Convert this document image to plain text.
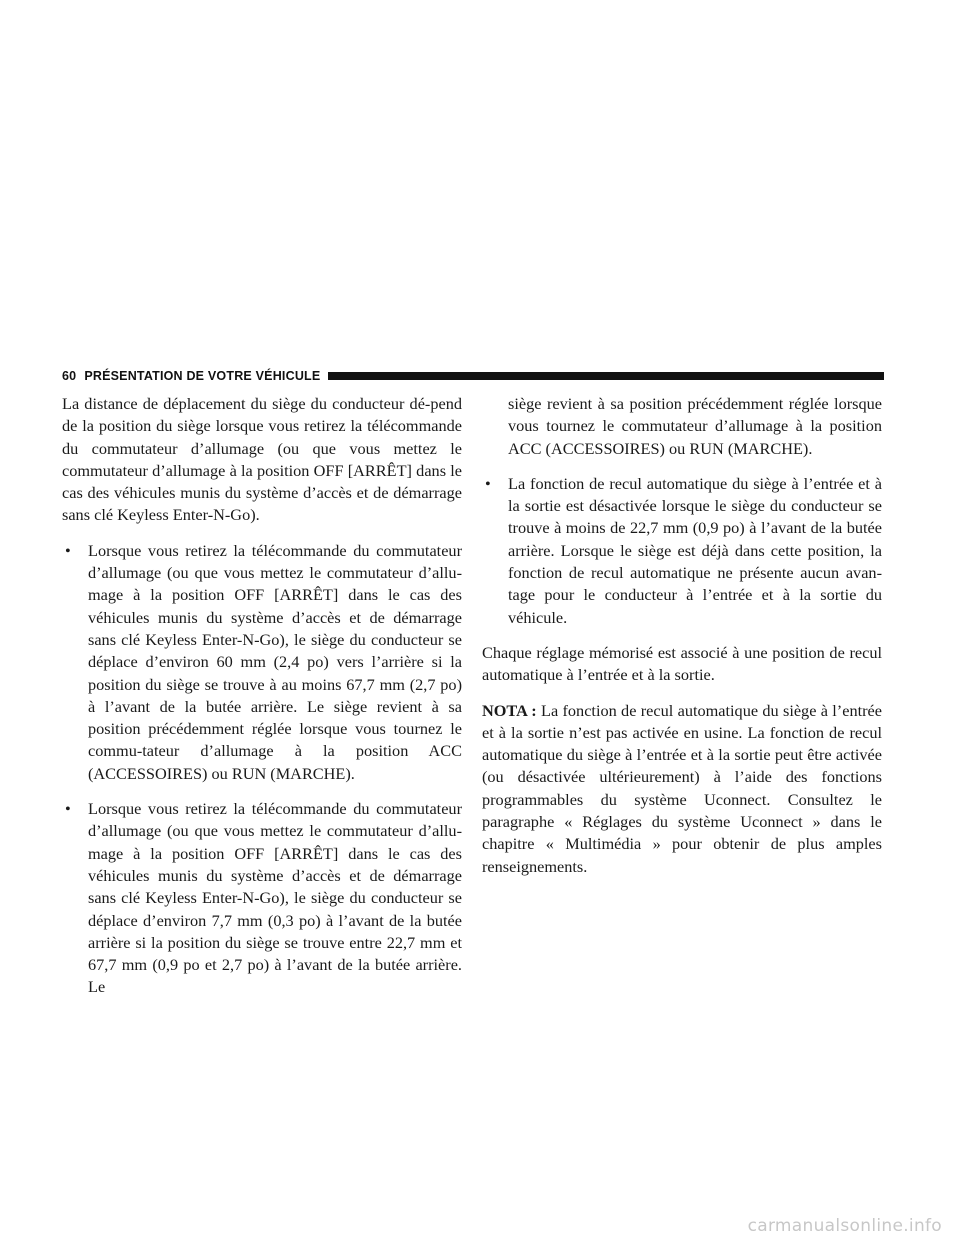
60 PRÉSENTATION DE VOTRE VÉHICULE

La distance de déplacement du siège du conducteur dé-pend de la position du siège lorsque vous retirez la télécommande du commutateur d’allumage (ou que vous mettez le commutateur d’allumage à la position OFF [ARRÊT] dans le cas des véhicules munis du système d’accès et de démarrage sans clé Keyless Enter-N-Go).

• Lorsque vous retirez la télécommande du commutateur d’allumage (ou que vous mettez le commutateur d’allu-mage à la position OFF [ARRÊT] dans le cas des véhicules munis du système d’accès et de démarrage sans clé Keyless Enter-N-Go), le siège du conducteur se déplace d’environ 60 mm (2,4 po) vers l’arrière si la position du siège se trouve à au moins 67,7 mm (2,7 po) à l’avant de la butée arrière. Le siège revient à sa position précédemment réglée lorsque vous tournez le commu-tateur d’allumage à la position ACC (ACCESSOIRES) ou RUN (MARCHE).
• Lorsque vous retirez la télécommande du commutateur d’allumage (ou que vous mettez le commutateur d’allu-mage à la position OFF [ARRÊT] dans le cas des véhicules munis du système d’accès et de démarrage sans clé Keyless Enter-N-Go), le siège du conducteur se déplace d’environ 7,7 mm (0,3 po) à l’avant de la butée arrière si la position du siège se trouve entre 22,7 mm et 67,7 mm (0,9 po et 2,7 po) à l’avant de la butée arrière. Le
siège revient à sa position précédemment réglée lorsque vous tournez le commutateur d’allumage à la position ACC (ACCESSOIRES) ou RUN (MARCHE).
• La fonction de recul automatique du siège à l’entrée et à la sortie est désactivée lorsque le siège du conducteur se trouve à moins de 22,7 mm (0,9 po) à l’avant de la butée arrière. Lorsque le siège est déjà dans cette position, la fonction de recul automatique ne présente aucun avan-tage pour le conducteur à l’entrée et à la sortie du véhicule.

Chaque réglage mémorisé est associé à une position de recul automatique à l’entrée et à la sortie.

NOTA : La fonction de recul automatique du siège à l’entrée et à la sortie n’est pas activée en usine. La fonction de recul automatique du siège à l’entrée et à la sortie peut être activée (ou désactivée ultérieurement) à l’aide des fonctions programmables du système Uconnect. Consultez le paragraphe « Réglages du système Uconnect » dans le chapitre « Multimédia » pour obtenir de plus amples renseignements.

carmanualsonline.info
